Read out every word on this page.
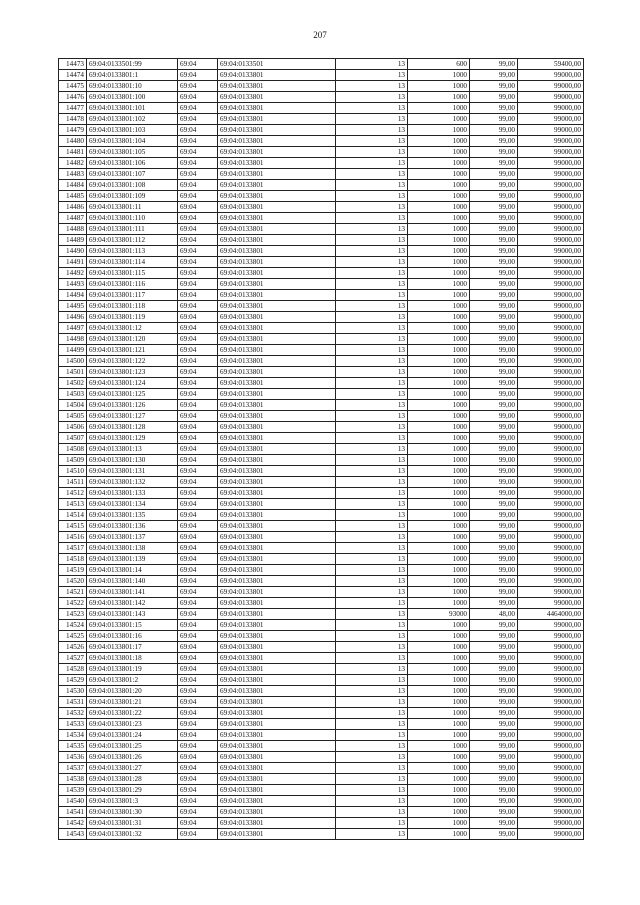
207
14473	69:04:0133501:99	69:04	69:04:0133501	13	600	99,00	59400,00
14474	69:04:0133801:1	69:04	69:04:0133801	13	1000	99,00	99000,00
14475	69:04:0133801:10	69:04	69:04:0133801	13	1000	99,00	99000,00
14476	69:04:0133801:100	69:04	69:04:0133801	13	1000	99,00	99000,00
14477	69:04:0133801:101	69:04	69:04:0133801	13	1000	99,00	99000,00
14478	69:04:0133801:102	69:04	69:04:0133801	13	1000	99,00	99000,00
14479	69:04:0133801:103	69:04	69:04:0133801	13	1000	99,00	99000,00
14480	69:04:0133801:104	69:04	69:04:0133801	13	1000	99,00	99000,00
14481	69:04:0133801:105	69:04	69:04:0133801	13	1000	99,00	99000,00
14482	69:04:0133801:106	69:04	69:04:0133801	13	1000	99,00	99000,00
14483	69:04:0133801:107	69:04	69:04:0133801	13	1000	99,00	99000,00
14484	69:04:0133801:108	69:04	69:04:0133801	13	1000	99,00	99000,00
14485	69:04:0133801:109	69:04	69:04:0133801	13	1000	99,00	99000,00
14486	69:04:0133801:11	69:04	69:04:0133801	13	1000	99,00	99000,00
14487	69:04:0133801:110	69:04	69:04:0133801	13	1000	99,00	99000,00
14488	69:04:0133801:111	69:04	69:04:0133801	13	1000	99,00	99000,00
14489	69:04:0133801:112	69:04	69:04:0133801	13	1000	99,00	99000,00
14490	69:04:0133801:113	69:04	69:04:0133801	13	1000	99,00	99000,00
14491	69:04:0133801:114	69:04	69:04:0133801	13	1000	99,00	99000,00
14492	69:04:0133801:115	69:04	69:04:0133801	13	1000	99,00	99000,00
14493	69:04:0133801:116	69:04	69:04:0133801	13	1000	99,00	99000,00
14494	69:04:0133801:117	69:04	69:04:0133801	13	1000	99,00	99000,00
14495	69:04:0133801:118	69:04	69:04:0133801	13	1000	99,00	99000,00
14496	69:04:0133801:119	69:04	69:04:0133801	13	1000	99,00	99000,00
14497	69:04:0133801:12	69:04	69:04:0133801	13	1000	99,00	99000,00
14498	69:04:0133801:120	69:04	69:04:0133801	13	1000	99,00	99000,00
14499	69:04:0133801:121	69:04	69:04:0133801	13	1000	99,00	99000,00
14500	69:04:0133801:122	69:04	69:04:0133801	13	1000	99,00	99000,00
14501	69:04:0133801:123	69:04	69:04:0133801	13	1000	99,00	99000,00
14502	69:04:0133801:124	69:04	69:04:0133801	13	1000	99,00	99000,00
14503	69:04:0133801:125	69:04	69:04:0133801	13	1000	99,00	99000,00
14504	69:04:0133801:126	69:04	69:04:0133801	13	1000	99,00	99000,00
14505	69:04:0133801:127	69:04	69:04:0133801	13	1000	99,00	99000,00
14506	69:04:0133801:128	69:04	69:04:0133801	13	1000	99,00	99000,00
14507	69:04:0133801:129	69:04	69:04:0133801	13	1000	99,00	99000,00
14508	69:04:0133801:13	69:04	69:04:0133801	13	1000	99,00	99000,00
14509	69:04:0133801:130	69:04	69:04:0133801	13	1000	99,00	99000,00
14510	69:04:0133801:131	69:04	69:04:0133801	13	1000	99,00	99000,00
14511	69:04:0133801:132	69:04	69:04:0133801	13	1000	99,00	99000,00
14512	69:04:0133801:133	69:04	69:04:0133801	13	1000	99,00	99000,00
14513	69:04:0133801:134	69:04	69:04:0133801	13	1000	99,00	99000,00
14514	69:04:0133801:135	69:04	69:04:0133801	13	1000	99,00	99000,00
14515	69:04:0133801:136	69:04	69:04:0133801	13	1000	99,00	99000,00
14516	69:04:0133801:137	69:04	69:04:0133801	13	1000	99,00	99000,00
14517	69:04:0133801:138	69:04	69:04:0133801	13	1000	99,00	99000,00
14518	69:04:0133801:139	69:04	69:04:0133801	13	1000	99,00	99000,00
14519	69:04:0133801:14	69:04	69:04:0133801	13	1000	99,00	99000,00
14520	69:04:0133801:140	69:04	69:04:0133801	13	1000	99,00	99000,00
14521	69:04:0133801:141	69:04	69:04:0133801	13	1000	99,00	99000,00
14522	69:04:0133801:142	69:04	69:04:0133801	13	1000	99,00	99000,00
14523	69:04:0133801:143	69:04	69:04:0133801	13	93000	48,00	4464000,00
14524	69:04:0133801:15	69:04	69:04:0133801	13	1000	99,00	99000,00
14525	69:04:0133801:16	69:04	69:04:0133801	13	1000	99,00	99000,00
14526	69:04:0133801:17	69:04	69:04:0133801	13	1000	99,00	99000,00
14527	69:04:0133801:18	69:04	69:04:0133801	13	1000	99,00	99000,00
14528	69:04:0133801:19	69:04	69:04:0133801	13	1000	99,00	99000,00
14529	69:04:0133801:2	69:04	69:04:0133801	13	1000	99,00	99000,00
14530	69:04:0133801:20	69:04	69:04:0133801	13	1000	99,00	99000,00
14531	69:04:0133801:21	69:04	69:04:0133801	13	1000	99,00	99000,00
14532	69:04:0133801:22	69:04	69:04:0133801	13	1000	99,00	99000,00
14533	69:04:0133801:23	69:04	69:04:0133801	13	1000	99,00	99000,00
14534	69:04:0133801:24	69:04	69:04:0133801	13	1000	99,00	99000,00
14535	69:04:0133801:25	69:04	69:04:0133801	13	1000	99,00	99000,00
14536	69:04:0133801:26	69:04	69:04:0133801	13	1000	99,00	99000,00
14537	69:04:0133801:27	69:04	69:04:0133801	13	1000	99,00	99000,00
14538	69:04:0133801:28	69:04	69:04:0133801	13	1000	99,00	99000,00
14539	69:04:0133801:29	69:04	69:04:0133801	13	1000	99,00	99000,00
14540	69:04:0133801:3	69:04	69:04:0133801	13	1000	99,00	99000,00
14541	69:04:0133801:30	69:04	69:04:0133801	13	1000	99,00	99000,00
14542	69:04:0133801:31	69:04	69:04:0133801	13	1000	99,00	99000,00
14543	69:04:0133801:32	69:04	69:04:0133801	13	1000	99,00	99000,00
